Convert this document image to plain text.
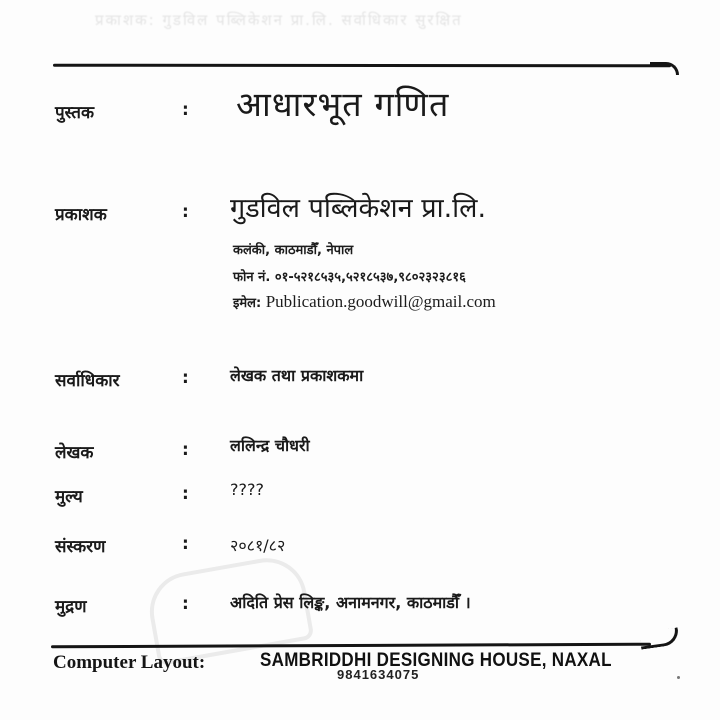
प्रकाशक: गुडविल पब्लिकेशन प्रा.लि. सर्वाधिकार सुरक्षित
पुस्तक	: आधारभूत गणित
प्रकाशक	: गुडविल पब्लिकेशन प्रा.लि.
कलंकी, काठमाडौँ, नेपाल
फोन नं. ०१-५२१८५३५,५२१८५३७,९८०२३२३८१६
इमेल: Publication.goodwill@gmail.com
सर्वाधिकार	:	लेखक तथा प्रकाशकमा
लेखक	:	ललिन्द्र चौधरी
मुल्य	:	????
संस्करण	:	२०८१/८२
मुद्रण	:	अदिति प्रेस लिङ्क, अनामनगर, काठमाडौँ ।
Computer Layout:	SAMBRIDDHI DESIGNING HOUSE, NAXAL
9841634075
